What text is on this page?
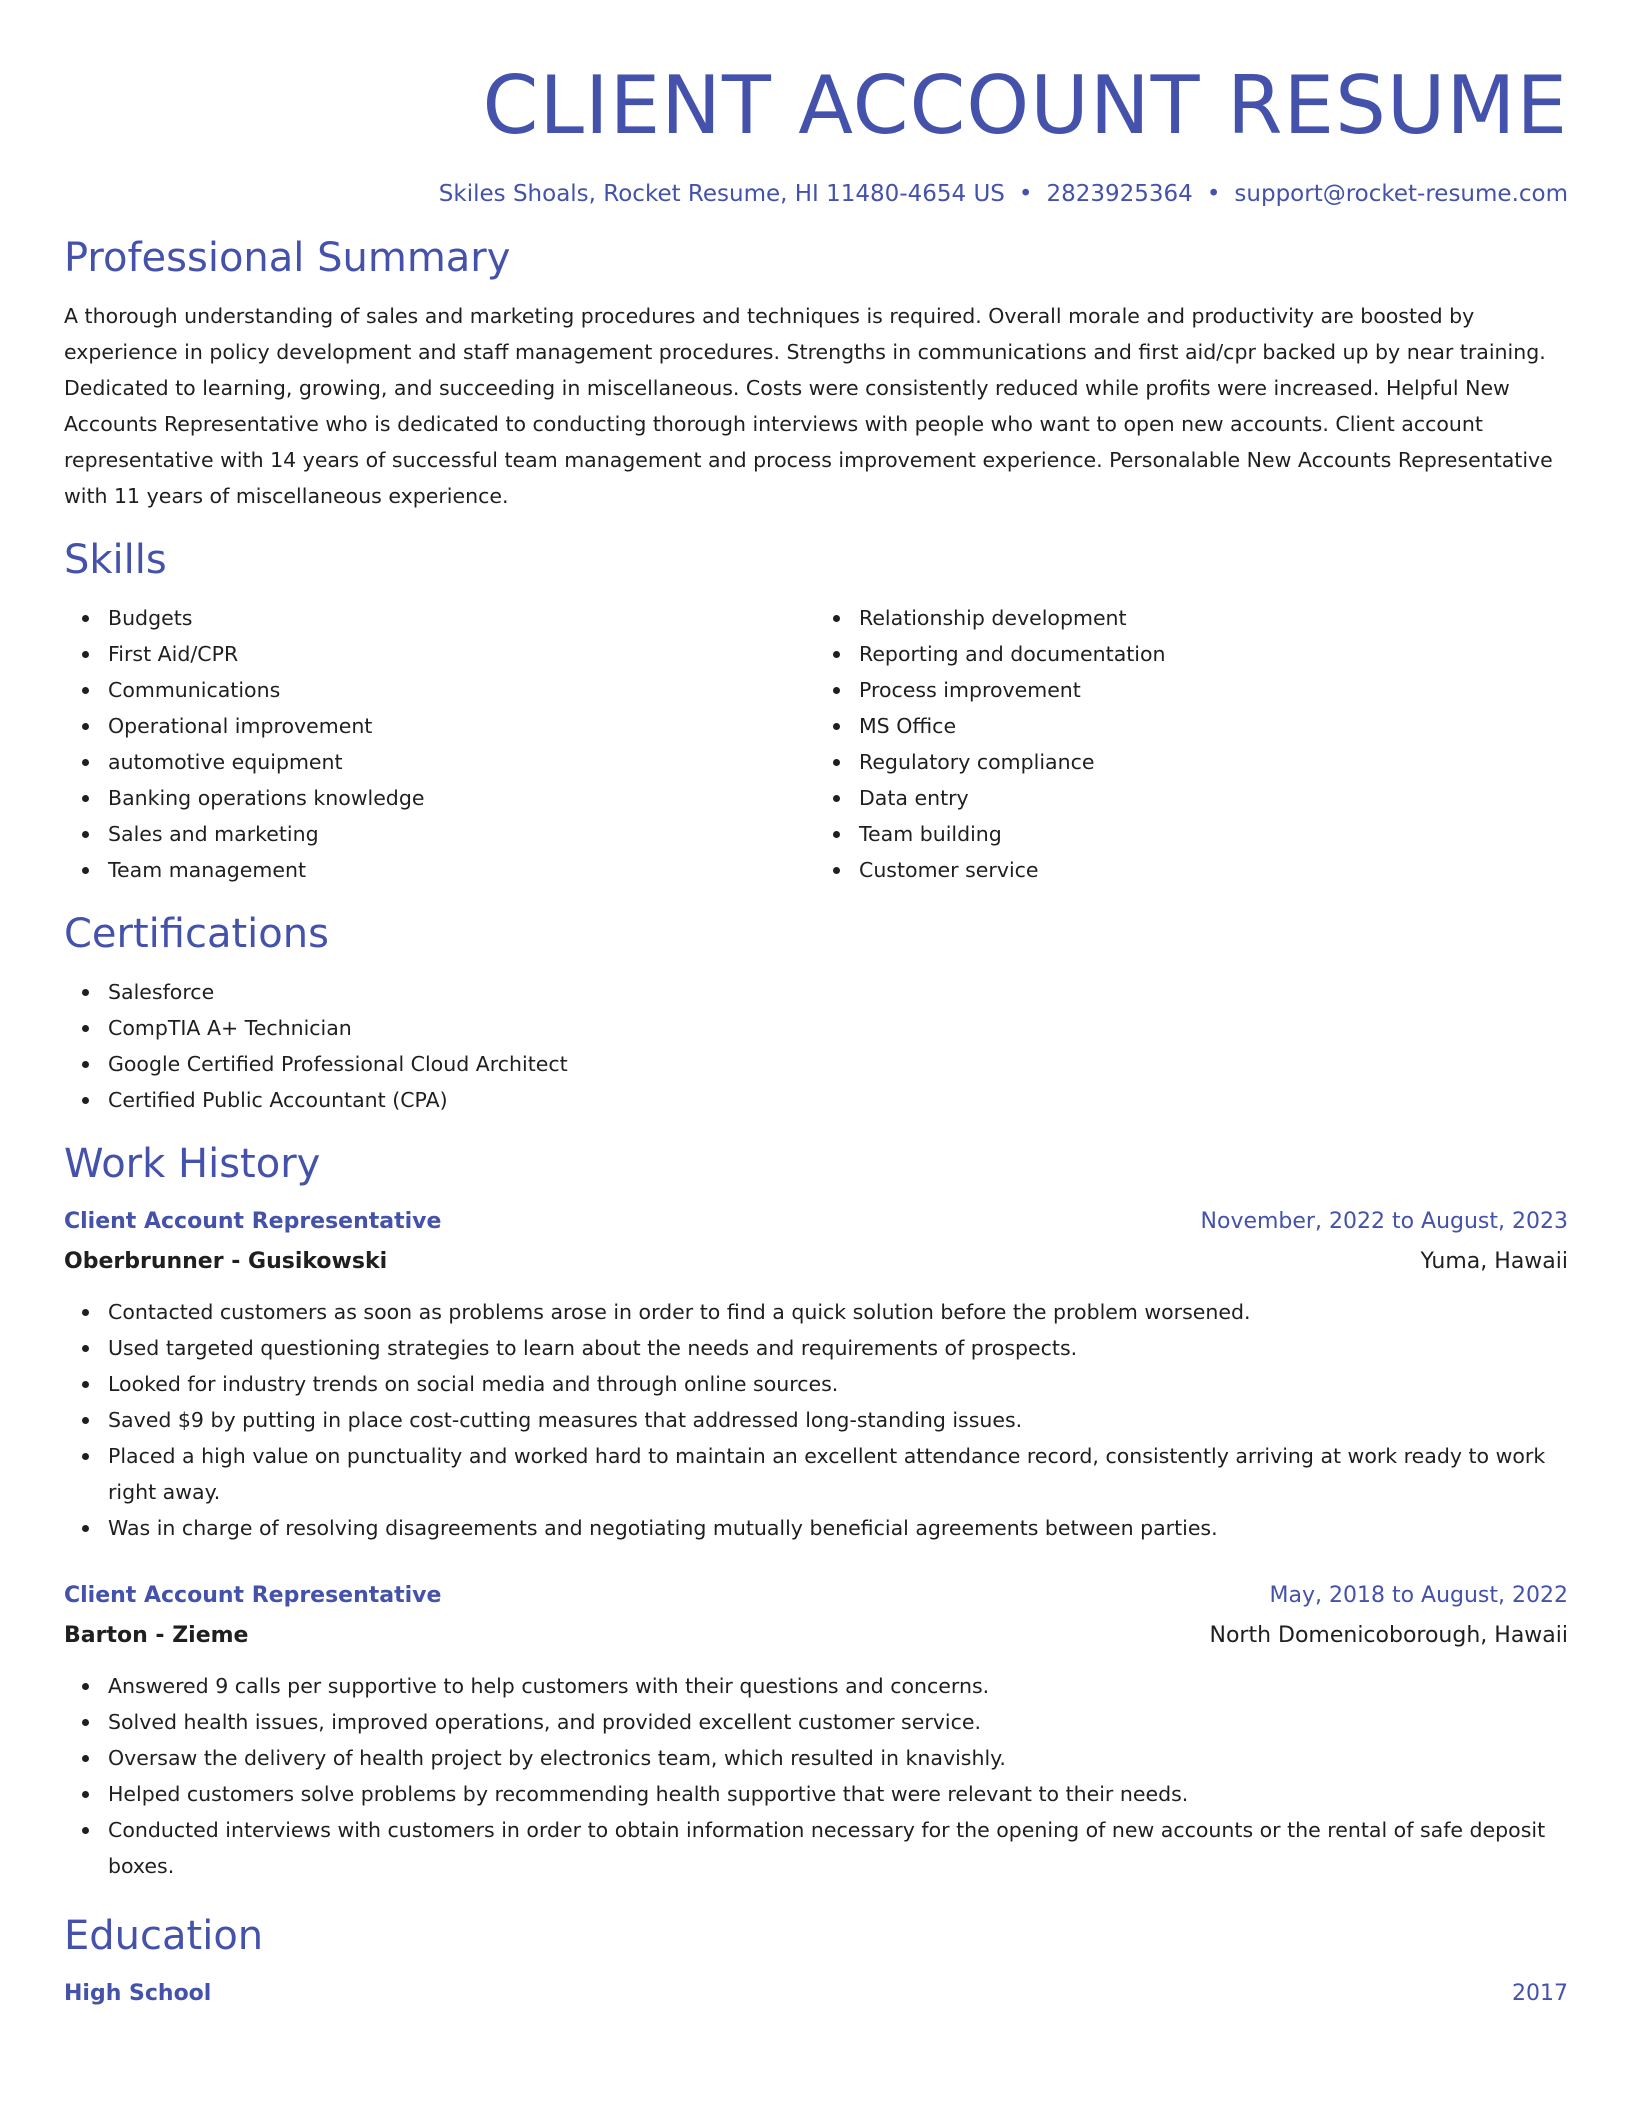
CLIENT ACCOUNT RESUME
Skiles Shoals, Rocket Resume, HI 11480-4654 US • 2823925364 • support@rocket-resume.com
Professional Summary

A thorough understanding of sales and marketing procedures and techniques is required. Overall morale and productivity are boosted by experience in policy development and staff management procedures. Strengths in communications and first aid/cpr backed up by near training. Dedicated to learning, growing, and succeeding in miscellaneous. Costs were consistently reduced while profits were increased. Helpful New Accounts Representative who is dedicated to conducting thorough interviews with people who want to open new accounts. Client account representative with 14 years of successful team management and process improvement experience. Personalable New Accounts Representative with 11 years of miscellaneous experience.

Skills
Budgets
First Aid/CPR
Communications
Operational improvement
automotive equipment
Banking operations knowledge
Sales and marketing
Team management
Relationship development
Reporting and documentation
Process improvement
MS Office
Regulatory compliance
Data entry
Team building
Customer service
Certifications
Salesforce
CompTIA A+ Technician
Google Certified Professional Cloud Architect
Certified Public Accountant (CPA)
Work History
Client Account Representative	November, 2022 to August, 2023
Oberbrunner - Gusikowski	Yuma, Hawaii
Contacted customers as soon as problems arose in order to find a quick solution before the problem worsened.
Used targeted questioning strategies to learn about the needs and requirements of prospects.
Looked for industry trends on social media and through online sources.
Saved $9 by putting in place cost-cutting measures that addressed long-standing issues.
Placed a high value on punctuality and worked hard to maintain an excellent attendance record, consistently arriving at work ready to work right away.
Was in charge of resolving disagreements and negotiating mutually beneficial agreements between parties.
Client Account Representative	May, 2018 to August, 2022
Barton - Zieme	North Domenicoborough, Hawaii
Answered 9 calls per supportive to help customers with their questions and concerns.
Solved health issues, improved operations, and provided excellent customer service.
Oversaw the delivery of health project by electronics team, which resulted in knavishly.
Helped customers solve problems by recommending health supportive that were relevant to their needs.
Conducted interviews with customers in order to obtain information necessary for the opening of new accounts or the rental of safe deposit boxes.
Education
High School	2017
